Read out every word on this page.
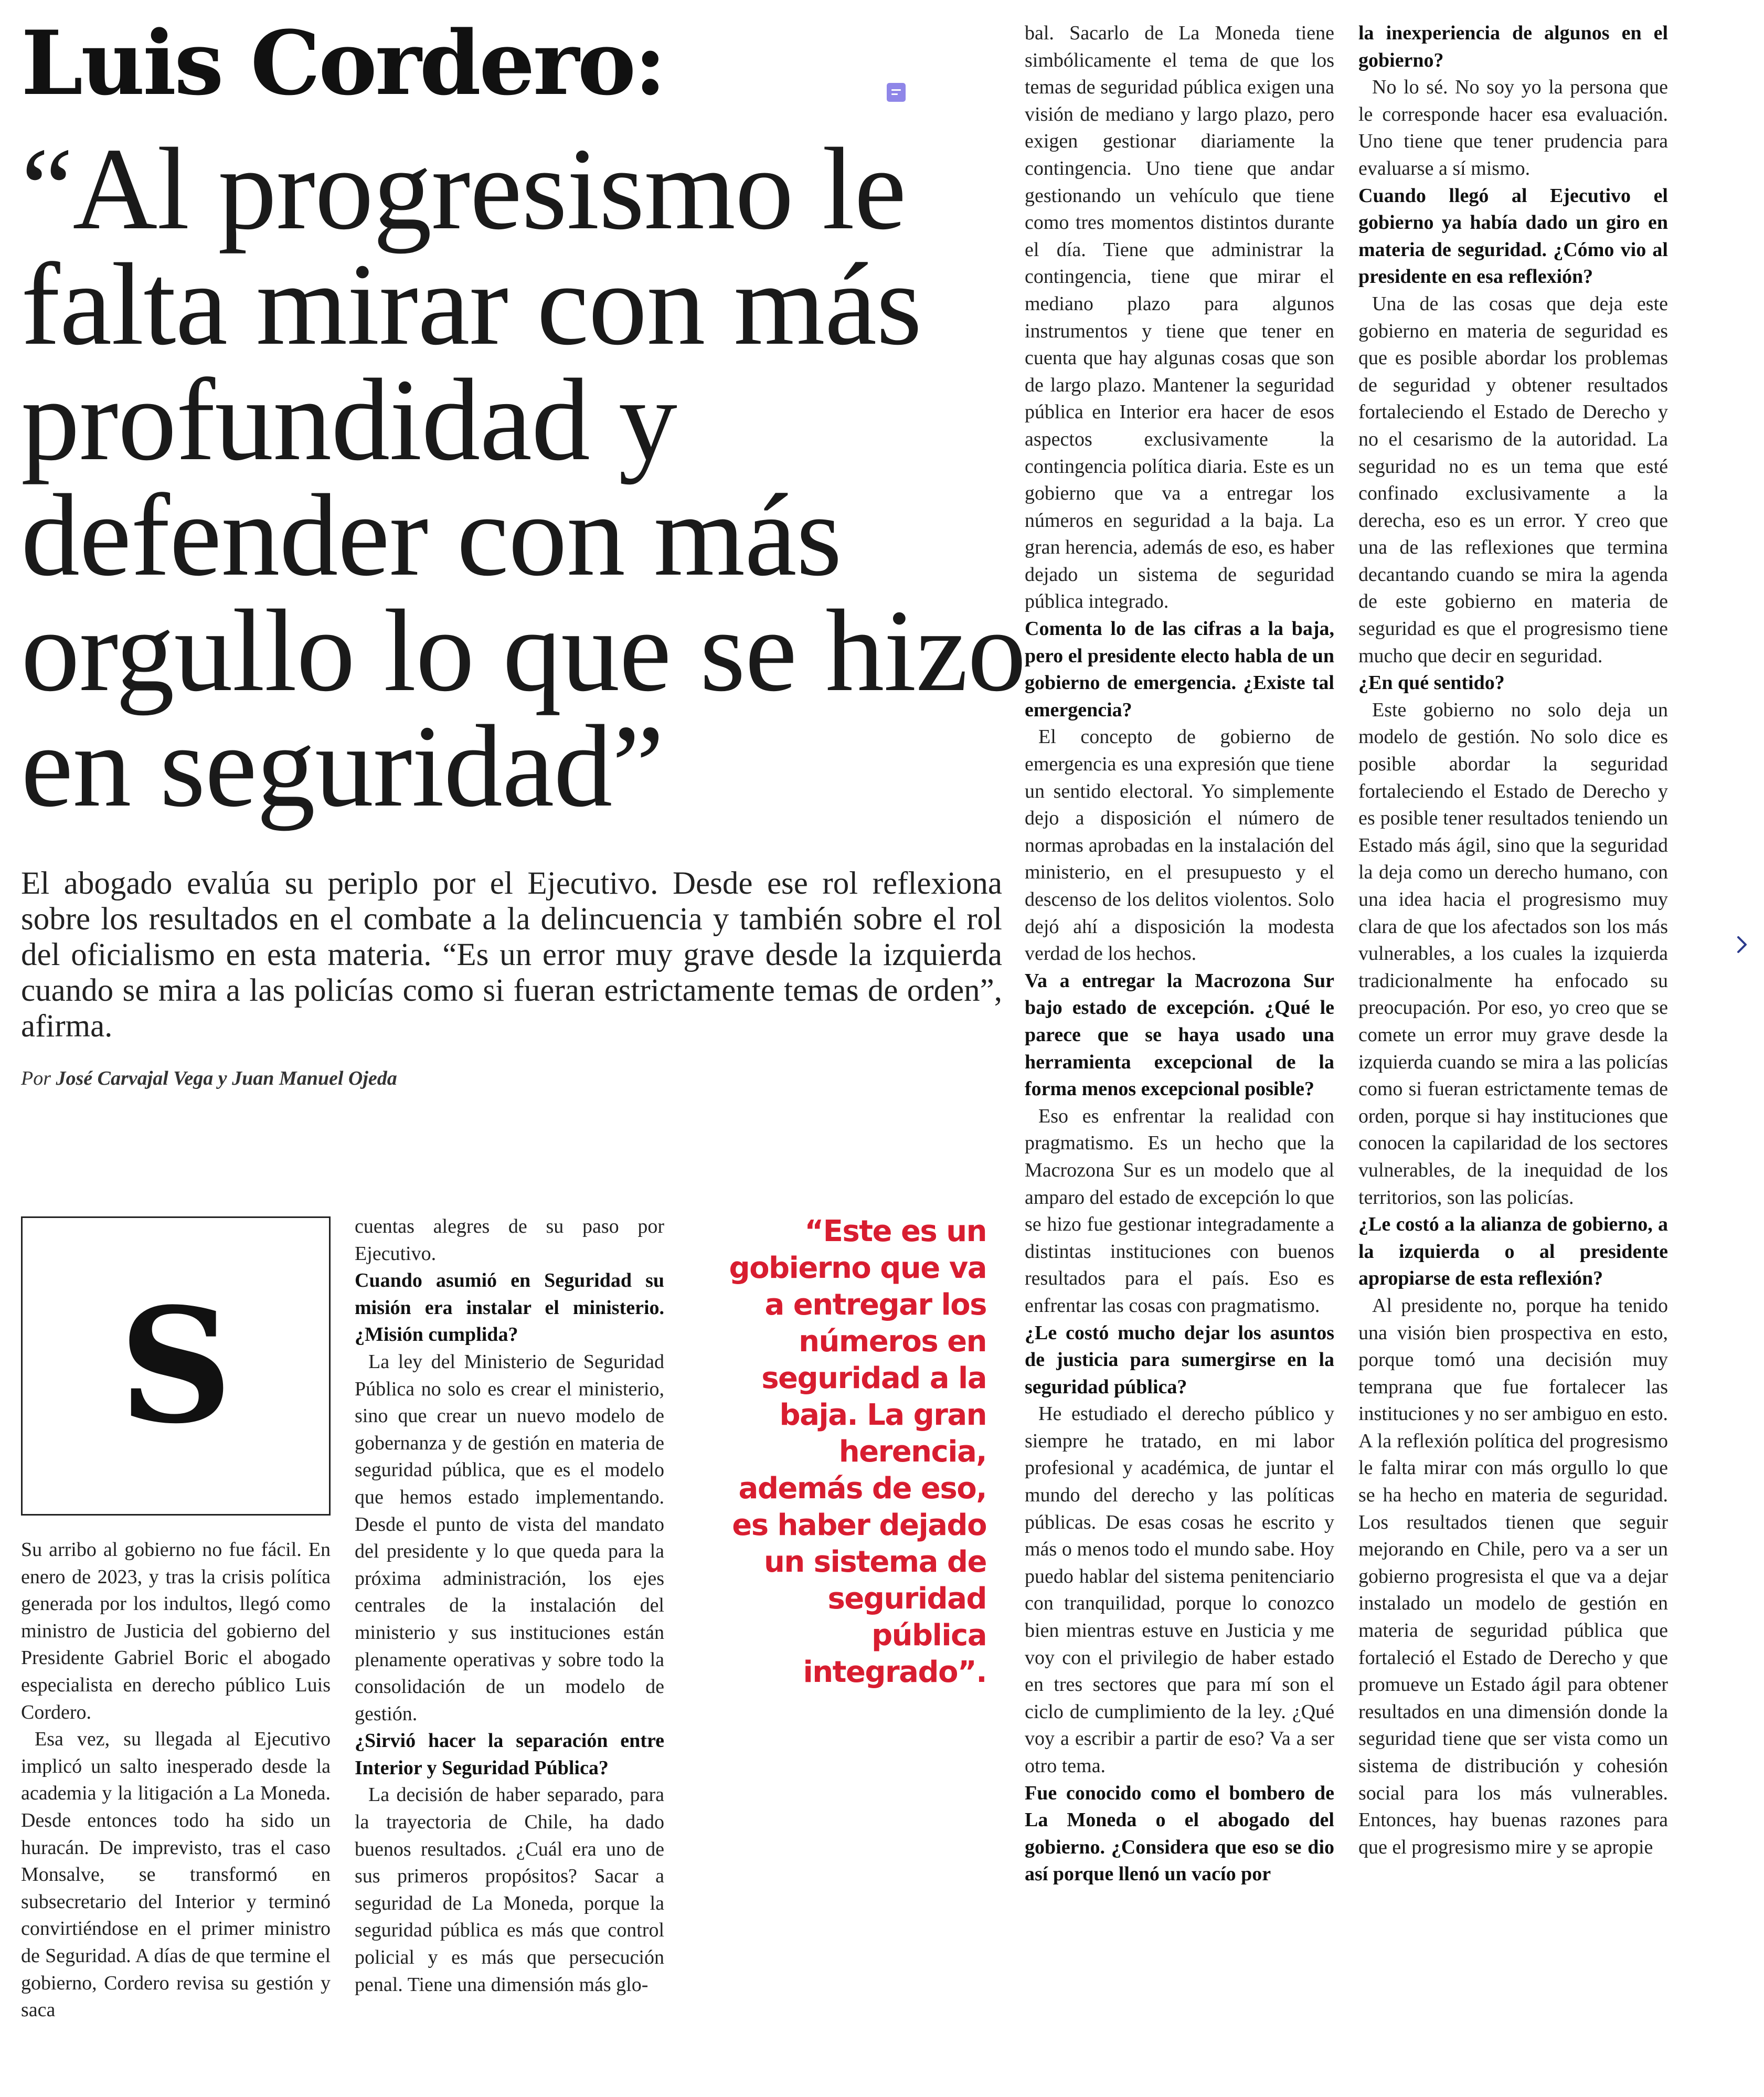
Luis Cordero:
“Al progresismo le falta mirar con más profundidad y defender con más orgullo lo que se hizo en seguridad”

El abogado evalúa su periplo por el Ejecutivo. Desde ese rol reflexiona sobre los resultados en el combate a la delincuencia y también sobre el rol del oficialismo en esta materia. “Es un error muy grave desde la izquierda cuando se mira a las policías como si fueran estrictamente temas de orden”, afirma.

Por José Carvajal Vega y Juan Manuel Ojeda

S

Su arribo al gobierno no fue fácil. En enero de 2023, y tras la crisis política generada por los indultos, llegó como ministro de Justicia del gobierno del Presidente Gabriel Boric el abogado especialista en derecho público Luis Cordero.

Esa vez, su llegada al Ejecutivo implicó un salto inesperado desde la academia y la litigación a La Moneda. Desde entonces todo ha sido un huracán. De imprevisto, tras el caso Monsalve, se transformó en subsecretario del Interior y terminó convirtiéndose en el primer ministro de Seguridad. A días de que termine el gobierno, Cordero revisa su gestión y saca

cuentas alegres de su paso por Ejecutivo.

Cuando asumió en Seguridad su misión era instalar el ministerio. ¿Misión cumplida?

La ley del Ministerio de Seguridad Pública no solo es crear el ministerio, sino que crear un nuevo modelo de gobernanza y de gestión en materia de seguridad pública, que es el modelo que hemos estado implementando. Desde el punto de vista del mandato del presidente y lo que queda para la próxima administración, los ejes centrales de la instalación del ministerio y sus instituciones están plenamente operativas y sobre todo la consolidación de un modelo de gestión.

¿Sirvió hacer la separación entre Interior y Seguridad Pública?

La decisión de haber separado, para la trayectoria de Chile, ha dado buenos resultados. ¿Cuál era uno de sus primeros propósitos? Sacar a seguridad de La Moneda, porque la seguridad pública es más que control policial y es más que persecución penal. Tiene una dimensión más glo-

“Este es un gobierno que va a entregar los números en seguridad a la baja. La gran herencia, además de eso, es haber dejado un sistema de seguridad pública integrado”.

bal. Sacarlo de La Moneda tiene simbólicamente el tema de que los temas de seguridad pública exigen una visión de mediano y largo plazo, pero exigen gestionar diariamente la contingencia. Uno tiene que andar gestionando un vehículo que tiene como tres momentos distintos durante el día. Tiene que administrar la contingencia, tiene que mirar el mediano plazo para algunos instrumentos y tiene que tener en cuenta que hay algunas cosas que son de largo plazo. Mantener la seguridad pública en Interior era hacer de esos aspectos exclusivamente la contingencia política diaria. Este es un gobierno que va a entregar los números en seguridad a la baja. La gran herencia, además de eso, es haber dejado un sistema de seguridad pública integrado.

Comenta lo de las cifras a la baja, pero el presidente electo habla de un gobierno de emergencia. ¿Existe tal emergencia?

El concepto de gobierno de emergencia es una expresión que tiene un sentido electoral. Yo simplemente dejo a disposición el número de normas aprobadas en la instalación del ministerio, en el presupuesto y el descenso de los delitos violentos. Solo dejó ahí a disposición la modesta verdad de los hechos.

Va a entregar la Macrozona Sur bajo estado de excepción. ¿Qué le parece que se haya usado una herramienta excepcional de la forma menos excepcional posible?

Eso es enfrentar la realidad con pragmatismo. Es un hecho que la Macrozona Sur es un modelo que al amparo del estado de excepción lo que se hizo fue gestionar integradamente a distintas instituciones con buenos resultados para el país. Eso es enfrentar las cosas con pragmatismo.

¿Le costó mucho dejar los asuntos de justicia para sumergirse en la seguridad pública?

He estudiado el derecho público y siempre he tratado, en mi labor profesional y académica, de juntar el mundo del derecho y las políticas públicas. De esas cosas he escrito y más o menos todo el mundo sabe. Hoy puedo hablar del sistema penitenciario con tranquilidad, porque lo conozco bien mientras estuve en Justicia y me voy con el privilegio de haber estado en tres sectores que para mí son el ciclo de cumplimiento de la ley. ¿Qué voy a escribir a partir de eso? Va a ser otro tema.

Fue conocido como el bombero de La Moneda o el abogado del gobierno. ¿Considera que eso se dio así porque llenó un vacío por

la inexperiencia de algunos en el gobierno?

No lo sé. No soy yo la persona que le corresponde hacer esa evaluación. Uno tiene que tener prudencia para evaluarse a sí mismo.

Cuando llegó al Ejecutivo el gobierno ya había dado un giro en materia de seguridad. ¿Cómo vio al presidente en esa reflexión?

Una de las cosas que deja este gobierno en materia de seguridad es que es posible abordar los problemas de seguridad y obtener resultados fortaleciendo el Estado de Derecho y no el cesarismo de la autoridad. La seguridad no es un tema que esté confinado exclusivamente a la derecha, eso es un error. Y creo que una de las reflexiones que termina decantando cuando se mira la agenda de este gobierno en materia de seguridad es que el progresismo tiene mucho que decir en seguridad.

¿En qué sentido?

Este gobierno no solo deja un modelo de gestión. No solo dice es posible abordar la seguridad fortaleciendo el Estado de Derecho y es posible tener resultados teniendo un Estado más ágil, sino que la seguridad la deja como un derecho humano, con una idea hacia el progresismo muy clara de que los afectados son los más vulnerables, a los cuales la izquierda tradicionalmente ha enfocado su preocupación. Por eso, yo creo que se comete un error muy grave desde la izquierda cuando se mira a las policías como si fueran estrictamente temas de orden, porque si hay instituciones que conocen la capilaridad de los sectores vulnerables, de la inequidad de los territorios, son las policías.

¿Le costó a la alianza de gobierno, a la izquierda o al presidente apropiarse de esta reflexión?

Al presidente no, porque ha tenido una visión bien prospectiva en esto, porque tomó una decisión muy temprana que fue fortalecer las instituciones y no ser ambiguo en esto. A la reflexión política del progresismo le falta mirar con más orgullo lo que se ha hecho en materia de seguridad. Los resultados tienen que seguir mejorando en Chile, pero va a ser un gobierno progresista el que va a dejar instalado un modelo de gestión en materia de seguridad pública que fortaleció el Estado de Derecho y que promueve un Estado ágil para obtener resultados en una dimensión donde la seguridad tiene que ser vista como un sistema de distribución y cohesión social para los más vulnerables. Entonces, hay buenas razones para que el progresismo mire y se apropie
